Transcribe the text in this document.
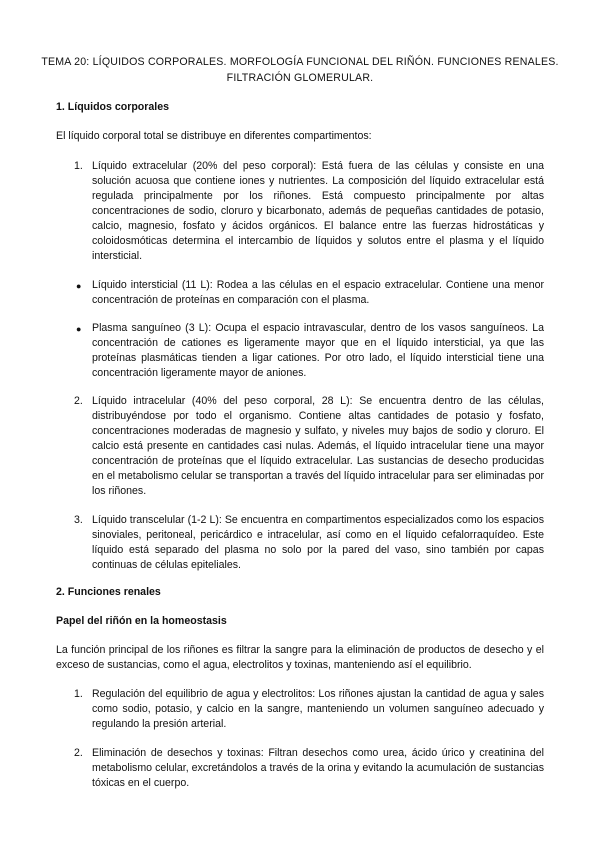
TEMA 20: LÍQUIDOS CORPORALES. MORFOLOGÍA FUNCIONAL DEL RIÑÓN. FUNCIONES RENALES. FILTRACIÓN GLOMERULAR.
1. Líquidos corporales
El líquido corporal total se distribuye en diferentes compartimentos:
1. Líquido extracelular (20% del peso corporal): Está fuera de las células y consiste en una solución acuosa que contiene iones y nutrientes. La composición del líquido extracelular está regulada principalmente por los riñones. Está compuesto principalmente por altas concentraciones de sodio, cloruro y bicarbonato, además de pequeñas cantidades de potasio, calcio, magnesio, fosfato y ácidos orgánicos. El balance entre las fuerzas hidrostáticas y coloidosmóticas determina el intercambio de líquidos y solutos entre el plasma y el líquido intersticial.
● Líquido intersticial (11 L): Rodea a las células en el espacio extracelular. Contiene una menor concentración de proteínas en comparación con el plasma.
● Plasma sanguíneo (3 L): Ocupa el espacio intravascular, dentro de los vasos sanguíneos. La concentración de cationes es ligeramente mayor que en el líquido intersticial, ya que las proteínas plasmáticas tienden a ligar cationes. Por otro lado, el líquido intersticial tiene una concentración ligeramente mayor de aniones.
2. Líquido intracelular (40% del peso corporal, 28 L): Se encuentra dentro de las células, distribuyéndose por todo el organismo. Contiene altas cantidades de potasio y fosfato, concentraciones moderadas de magnesio y sulfato, y niveles muy bajos de sodio y cloruro. El calcio está presente en cantidades casi nulas. Además, el líquido intracelular tiene una mayor concentración de proteínas que el líquido extracelular. Las sustancias de desecho producidas en el metabolismo celular se transportan a través del líquido intracelular para ser eliminadas por los riñones.
3. Líquido transcelular (1-2 L): Se encuentra en compartimentos especializados como los espacios sinoviales, peritoneal, pericárdico e intracelular, así como en el líquido cefalorraquídeo. Este líquido está separado del plasma no solo por la pared del vaso, sino también por capas continuas de células epiteliales.
2. Funciones renales
Papel del riñón en la homeostasis
La función principal de los riñones es filtrar la sangre para la eliminación de productos de desecho y el exceso de sustancias, como el agua, electrolitos y toxinas, manteniendo así el equilibrio.
1. Regulación del equilibrio de agua y electrolitos: Los riñones ajustan la cantidad de agua y sales como sodio, potasio, y calcio en la sangre, manteniendo un volumen sanguíneo adecuado y regulando la presión arterial.
2. Eliminación de desechos y toxinas: Filtran desechos como urea, ácido úrico y creatinina del metabolismo celular, excretándolos a través de la orina y evitando la acumulación de sustancias tóxicas en el cuerpo.
